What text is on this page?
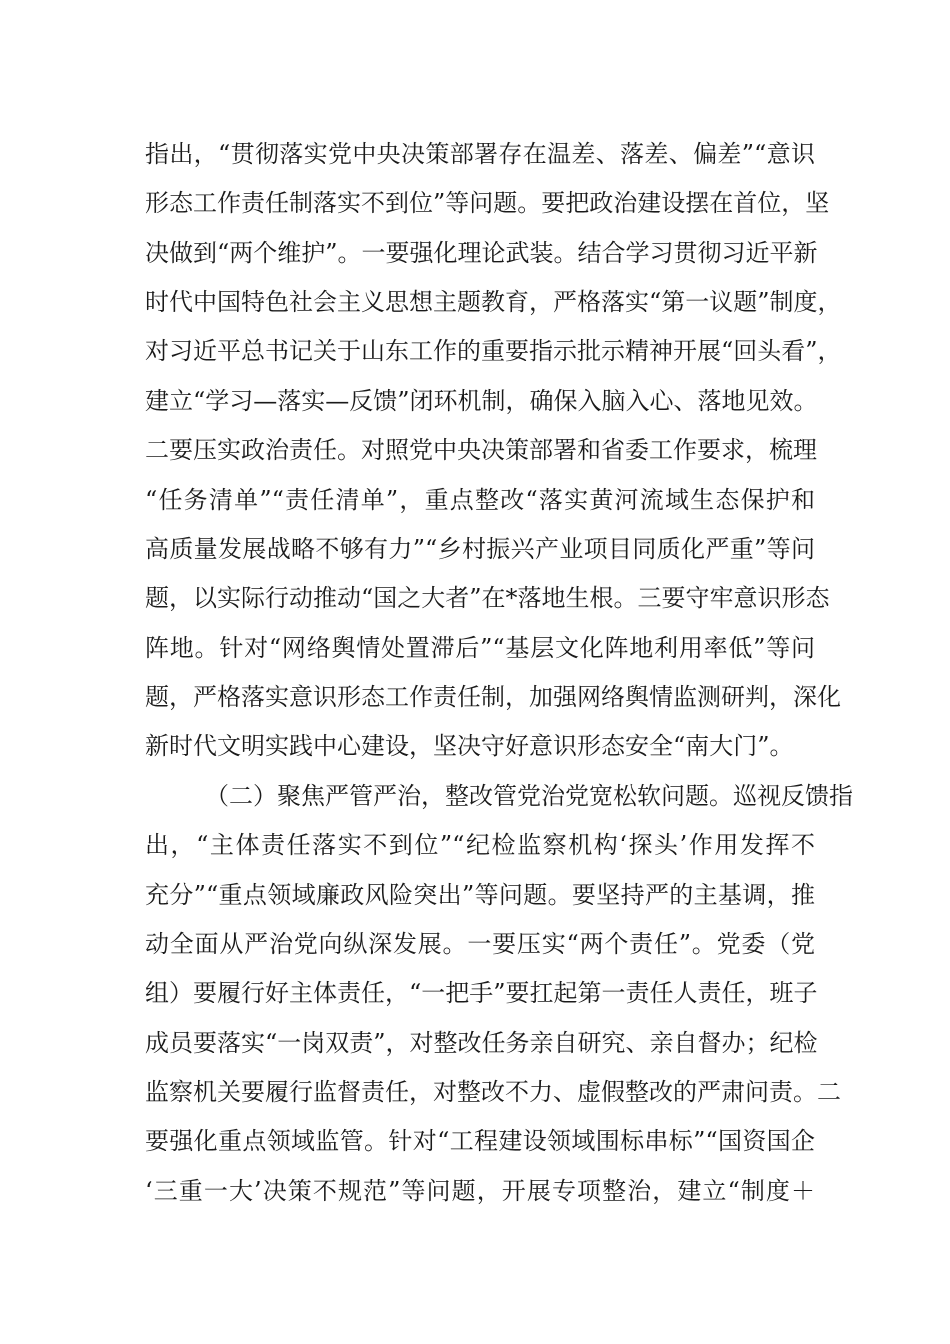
指出，“贯彻落实党中央决策部署存在温差、落差、偏差”“意识
形态工作责任制落实不到位”等问题。要把政治建设摆在首位，坚
决做到“两个维护”。一要强化理论武装。结合学习贯彻习近平新
时代中国特色社会主义思想主题教育，严格落实“第一议题”制度，
对习近平总书记关于山东工作的重要指示批示精神开展“回头看”，
建立“学习—落实—反馈”闭环机制，确保入脑入心、落地见效。
二要压实政治责任。对照党中央决策部署和省委工作要求，梳理
“任务清单”“责任清单”，重点整改“落实黄河流域生态保护和
高质量发展战略不够有力”“乡村振兴产业项目同质化严重”等问
题，以实际行动推动“国之大者”在*落地生根。三要守牢意识形态
阵地。针对“网络舆情处置滞后”“基层文化阵地利用率低”等问
题，严格落实意识形态工作责任制，加强网络舆情监测研判，深化
新时代文明实践中心建设，坚决守好意识形态安全“南大门”。
（二）聚焦严管严治，整改管党治党宽松软问题。巡视反馈指
出，“主体责任落实不到位”“纪检监察机构‘探头’作用发挥不
充分”“重点领域廉政风险突出”等问题。要坚持严的主基调，推
动全面从严治党向纵深发展。一要压实“两个责任”。党委（党
组）要履行好主体责任，“一把手”要扛起第一责任人责任，班子
成员要落实“一岗双责”，对整改任务亲自研究、亲自督办；纪检
监察机关要履行监督责任，对整改不力、虚假整改的严肃问责。二
要强化重点领域监管。针对“工程建设领域围标串标”“国资国企
‘三重一大’决策不规范”等问题，开展专项整治，建立“制度＋
